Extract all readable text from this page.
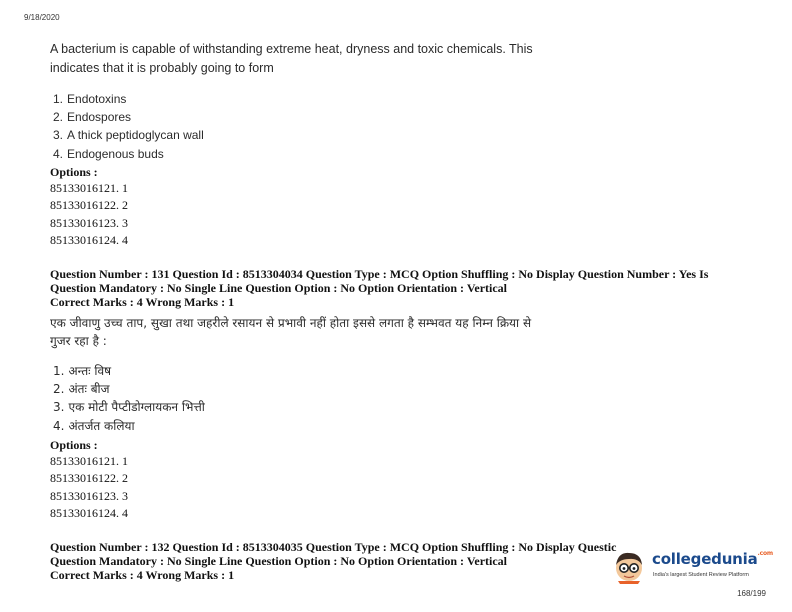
9/18/2020

A bacterium is capable of withstanding extreme heat, dryness and toxic chemicals. This
indicates that it is probably going to form

1. Endotoxins
2. Endospores
3. A thick peptidoglycan wall
4. Endogenous buds
Options :
85133016121. 1
85133016122. 2
85133016123. 3
85133016124. 4
Question Number : 131 Question Id : 8513304034 Question Type : MCQ Option Shuffling : No Display Question Number : Yes Is
Question Mandatory : No Single Line Question Option : No Option Orientation : Vertical
Correct Marks : 4 Wrong Marks : 1

एक जीवाणु उच्च ताप, सुखा तथा जहरीले रसायन से प्रभावी नहीं होता इससे लगता है सम्भवत यह निम्न क्रिया से
गुजर रहा है :

1. अन्तः विष
2. अंतः बीज
3. एक मोटी पैप्टीडोग्लायकन भित्ती
4. अंतर्जत कलिया
Options :
85133016121. 1
85133016122. 2
85133016123. 3
85133016124. 4
Question Number : 132 Question Id : 8513304035 Question Type : MCQ Option Shuffling : No Display Questic
Question Mandatory : No Single Line Question Option : No Option Orientation : Vertical
Correct Marks : 4 Wrong Marks : 1
collegedunia$^{.com}$
India's largest Student Review Platform
168/199
